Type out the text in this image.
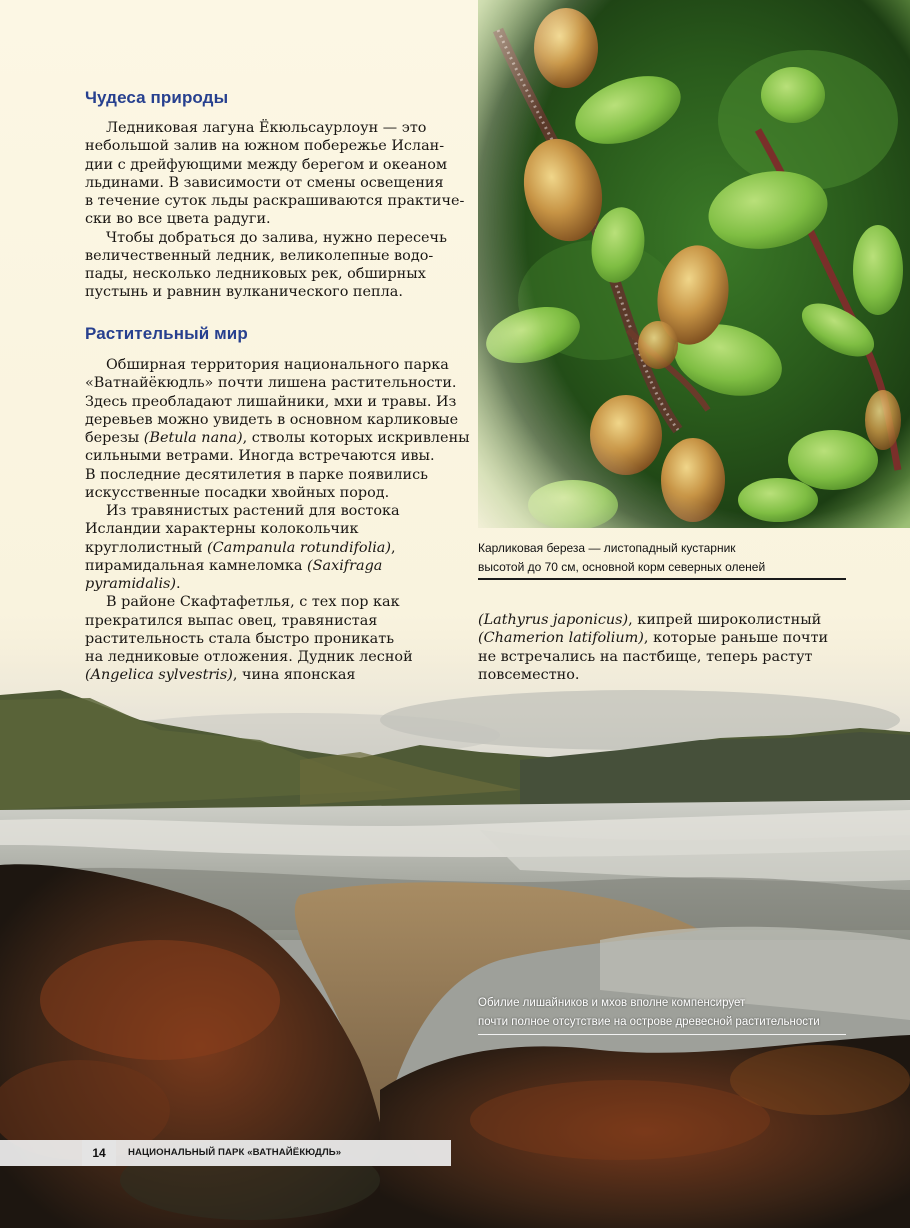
Чудеса природы
Ледниковая лагуна Ёкюльсаурлоун — это
небольшой залив на южном побережье Ислан-
дии с дрейфующими между берегом и океаном
льдинами. В зависимости от смены освещения
в течение суток льды раскрашиваются практиче-
ски во все цвета радуги.
Чтобы добраться до залива, нужно пересечь
величественный ледник, великолепные водо-
пады, несколько ледниковых рек, обширных
пустынь и равнин вулканического пепла.
Растительный мир
Обширная территория национального парка
«Ватнайёкюдль» почти лишена растительности.
Здесь преобладают лишайники, мхи и травы. Из
деревьев можно увидеть в основном карликовые
березы (Betula nana), стволы которых искривлены
сильными ветрами. Иногда встречаются ивы.
В последние десятилетия в парке появились
искусственные посадки хвойных пород.
Из травянистых растений для востока
Исландии характерны колокольчик
круглолистный (Campanula rotundifolia),
пирамидальная камнеломка (Saxifraga
pyramidalis).
В районе Скафтафетлья, с тех пор как
прекратился выпас овец, травянистая
растительность стала быстро проникать
на ледниковые отложения. Дудник лесной
(Angelica sylvestris), чина японская
Карликовая береза — листопадный кустарник
высотой до 70 см, основной корм северных оленей
(Lathyrus japonicus), кипрей широколистный
(Chamerion latifolium), которые раньше почти
не встречались на пастбище, теперь растут
повсеместно.
Обилие лишайников и мхов вполне компенсирует
почти полное отсутствие на острове древесной растительности
14	НАЦИОНАЛЬНЫЙ ПАРК «ВАТНАЙЁКЮДЛЬ»
